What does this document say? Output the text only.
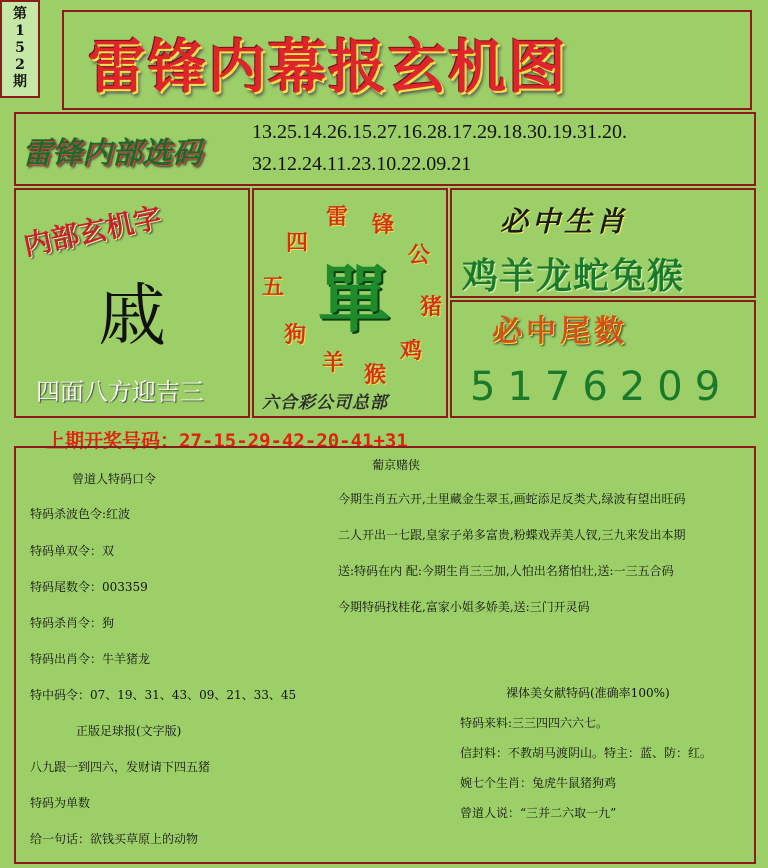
第
1
5
2
期 雷锋内幕报玄机图
雷锋内部选码
13.25.14.26.15.27.16.28.17.29.18.30.19.31.20.
32.12.24.11.23.10.22.09.21
内部玄机字
戚
四面八方迎吉三
四
五
雷 锋
公
猪
鸡
猴
羊
狗 單
六合彩公司总部
必中生肖
鸡羊龙蛇兔猴
必中尾数
5176209
上期开奖号码：27-15-29-42-20-41+31
曾道人特码口令
特码杀波色令:红波
特码单双令：双
特码尾数令：003359
特码杀肖令：狗
特码出肖令：牛羊猪龙
特中码令：07、19、31、43、09、21、33、45
正版足球报(文字版)
八九跟一到四六，发财请下四五猪
特码为单数
给一句话：欲钱买草原上的动物
葡京赌侠
今期生肖五六开,土里藏金生翠玉,画蛇添足反类犬,绿波有望出旺码
二人开出一七跟,皇家子弟多富贵,粉蝶戏弄美人钗,三九来发出本期
送:特码在内 配:今期生肖三三加,人怕出名猪怕壮,送:一三五合码
今期特码找桂花,富家小姐多娇美,送:三门开灵码
裸体美女献特码(准确率100%)
特码来料:三三四四六六七。
信封料：不教胡马渡阴山。特主：蓝、防：红。
婉七个生肖：兔虎牛鼠猪狗鸡
曾道人说：“三并二六取一九”
